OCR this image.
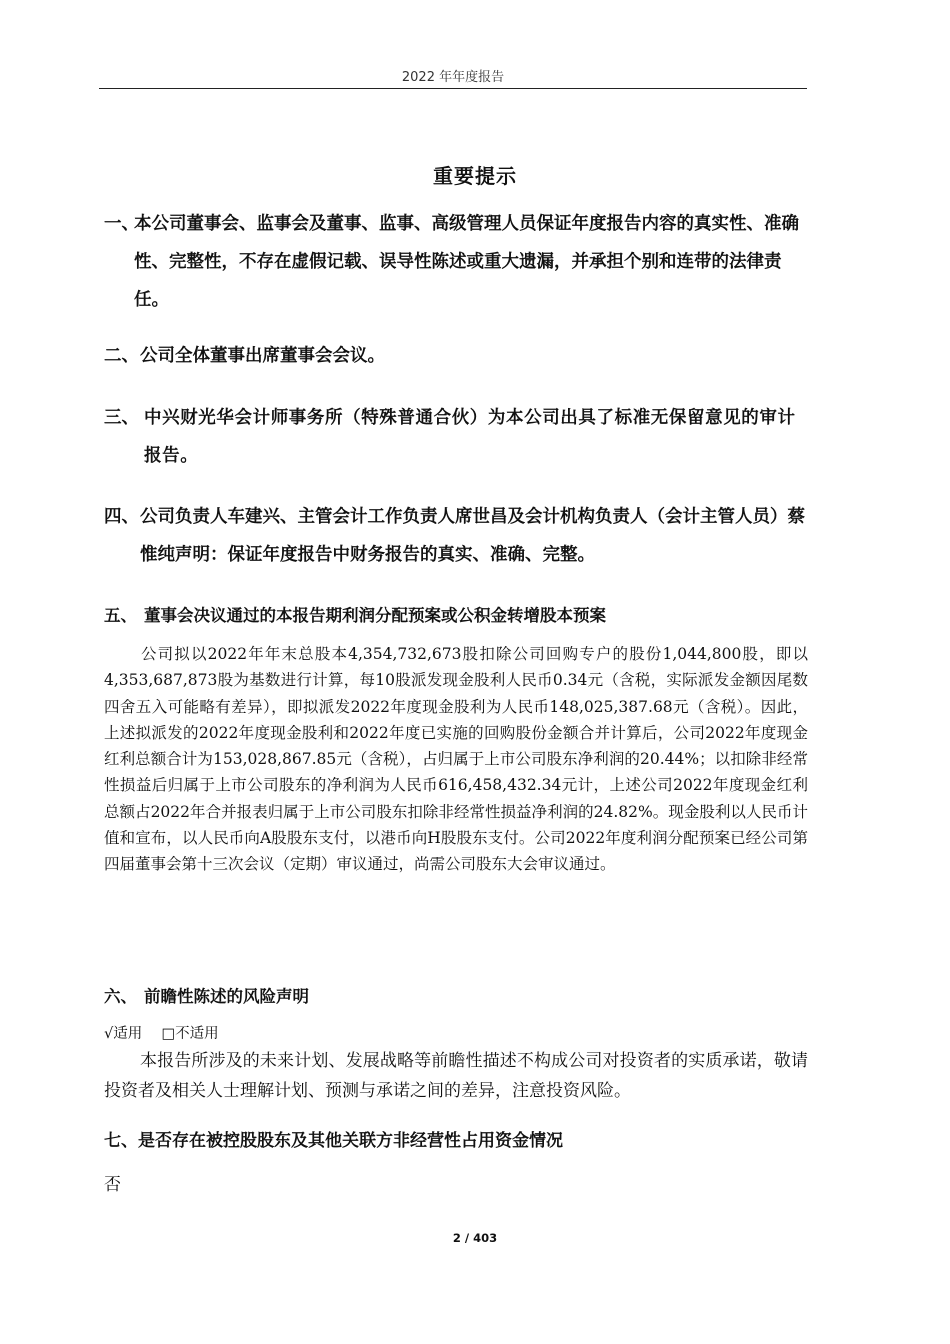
2022 年年度报告
重要提示
一、
本公司董事会、监事会及董事、监事、高级管理人员保证年度报告内容的真实性、准确性、完整性，不存在虚假记载、误导性陈述或重大遗漏，并承担个别和连带的法律责任。
二、 公司全体董事出席董事会会议。
三、 中兴财光华会计师事务所（特殊普通合伙）为本公司出具了标准无保留意见的审计报告。
四、 公司负责人车建兴、主管会计工作负责人席世昌及会计机构负责人（会计主管人员）蔡惟纯声明：保证年度报告中财务报告的真实、准确、完整。
五、 董事会决议通过的本报告期利润分配预案或公积金转增股本预案
公司拟以2022年年末总股本4,354,732,673股扣除公司回购专户的股份1,044,800股，即以4,353,687,873股为基数进行计算，每10股派发现金股利人民币0.34元（含税，实际派发金额因尾数四舍五入可能略有差异），即拟派发2022年度现金股利为人民币148,025,387.68元（含税）。因此，上述拟派发的2022年度现金股利和2022年度已实施的回购股份金额合并计算后，公司2022年度现金红利总额合计为153,028,867.85元（含税），占归属于上市公司股东净利润的20.44%；以扣除非经常性损益后归属于上市公司股东的净利润为人民币616,458,432.34元计，上述公司2022年度现金红利总额占2022年合并报表归属于上市公司股东扣除非经常性损益净利润的24.82%。现金股利以人民币计值和宣布，以人民币向A股股东支付，以港币向H股股东支付。公司2022年度利润分配预案已经公司第四届董事会第十三次会议（定期）审议通过，尚需公司股东大会审议通过。
六、 前瞻性陈述的风险声明
√适用 □不适用
本报告所涉及的未来计划、发展战略等前瞻性描述不构成公司对投资者的实质承诺，敬请投资者及相关人士理解计划、预测与承诺之间的差异，注意投资风险。
七、 是否存在被控股股东及其他关联方非经营性占用资金情况
否
2 / 403
